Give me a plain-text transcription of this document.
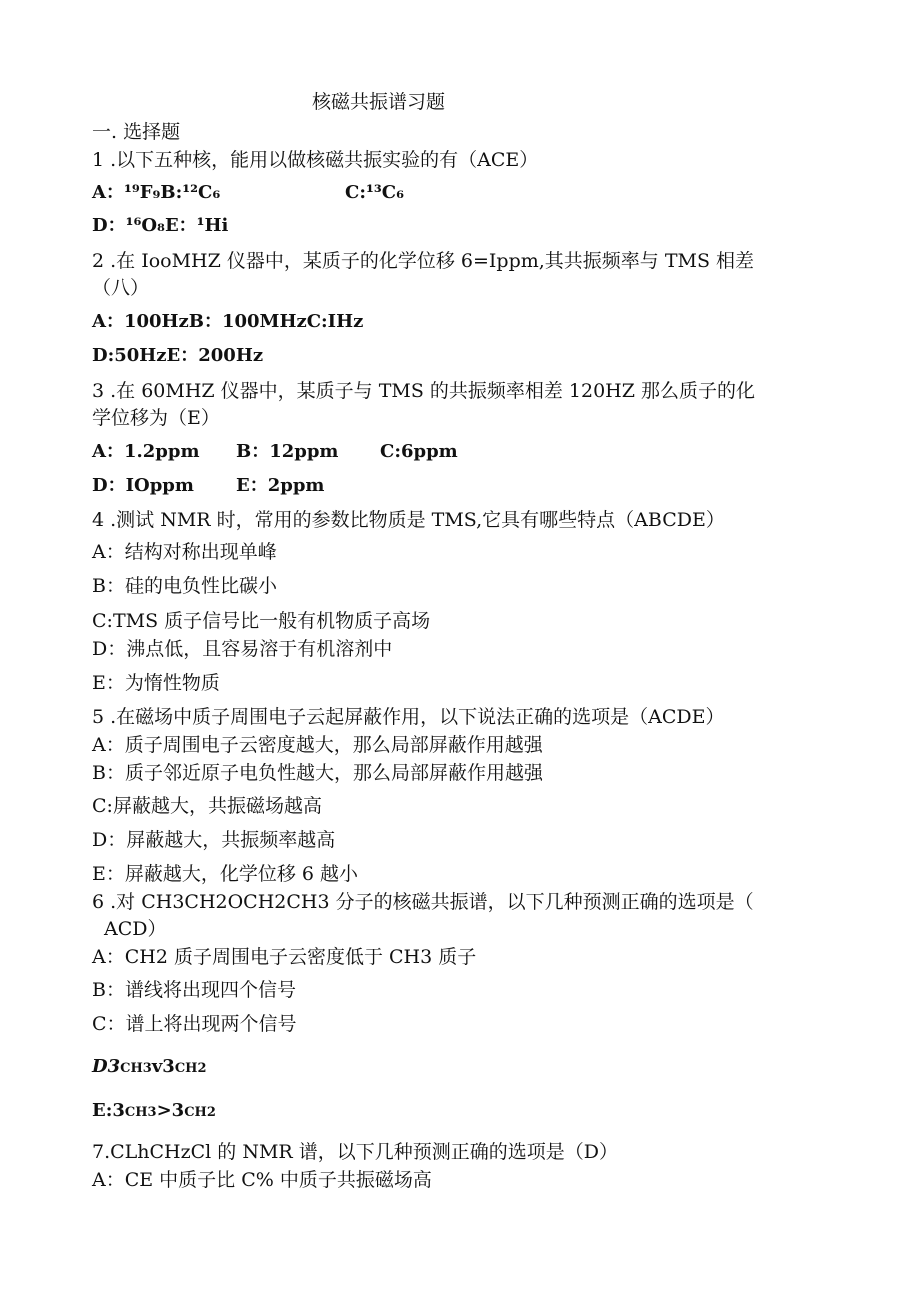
核磁共振谱习题
一. 选择题
1 .以下五种核，能用以做核磁共振实验的有（ACE）
A：¹⁹F₉B:¹²C₆	C:¹³C₆
D：¹⁶O₈E：¹Hi
2 .在 IooMHZ 仪器中，某质子的化学位移 6=Ippm,其共振频率与 TMS 相差
（八）
A：100HzB：100MHzC:IHz
D:50HzE：200Hz
3 .在 60MHZ 仪器中，某质子与 TMS 的共振频率相差 120HZ 那么质子的化
学位移为（E）
A：1.2ppm B：12ppm C:6ppm
D：IOppm E：2ppm
4 .测试 NMR 时，常用的参数比物质是 TMS,它具有哪些特点（ABCDE）
A：结构对称出现单峰
B：硅的电负性比碳小
C:TMS 质子信号比一般有机物质子高场
D：沸点低，且容易溶于有机溶剂中
E：为惰性物质
5 .在磁场中质子周围电子云起屏蔽作用，以下说法正确的选项是（ACDE）
A：质子周围电子云密度越大，那么局部屏蔽作用越强
B：质子邻近原子电负性越大，那么局部屏蔽作用越强
C:屏蔽越大，共振磁场越高
D：屏蔽越大，共振频率越高
E：屏蔽越大，化学位移 6 越小
6 .对 CH3CH2OCH2CH3 分子的核磁共振谱，以下几种预测正确的选项是（
ACD）
A：CH2 质子周围电子云密度低于 CH3 质子
B：谱线将出现四个信号
C：谱上将出现两个信号
D3CH3v3CH2
E:3CH3>3CH2
7.CLhCHzCl 的 NMR 谱，以下几种预测正确的选项是（D）
A：CE 中质子比 C% 中质子共振磁场高
